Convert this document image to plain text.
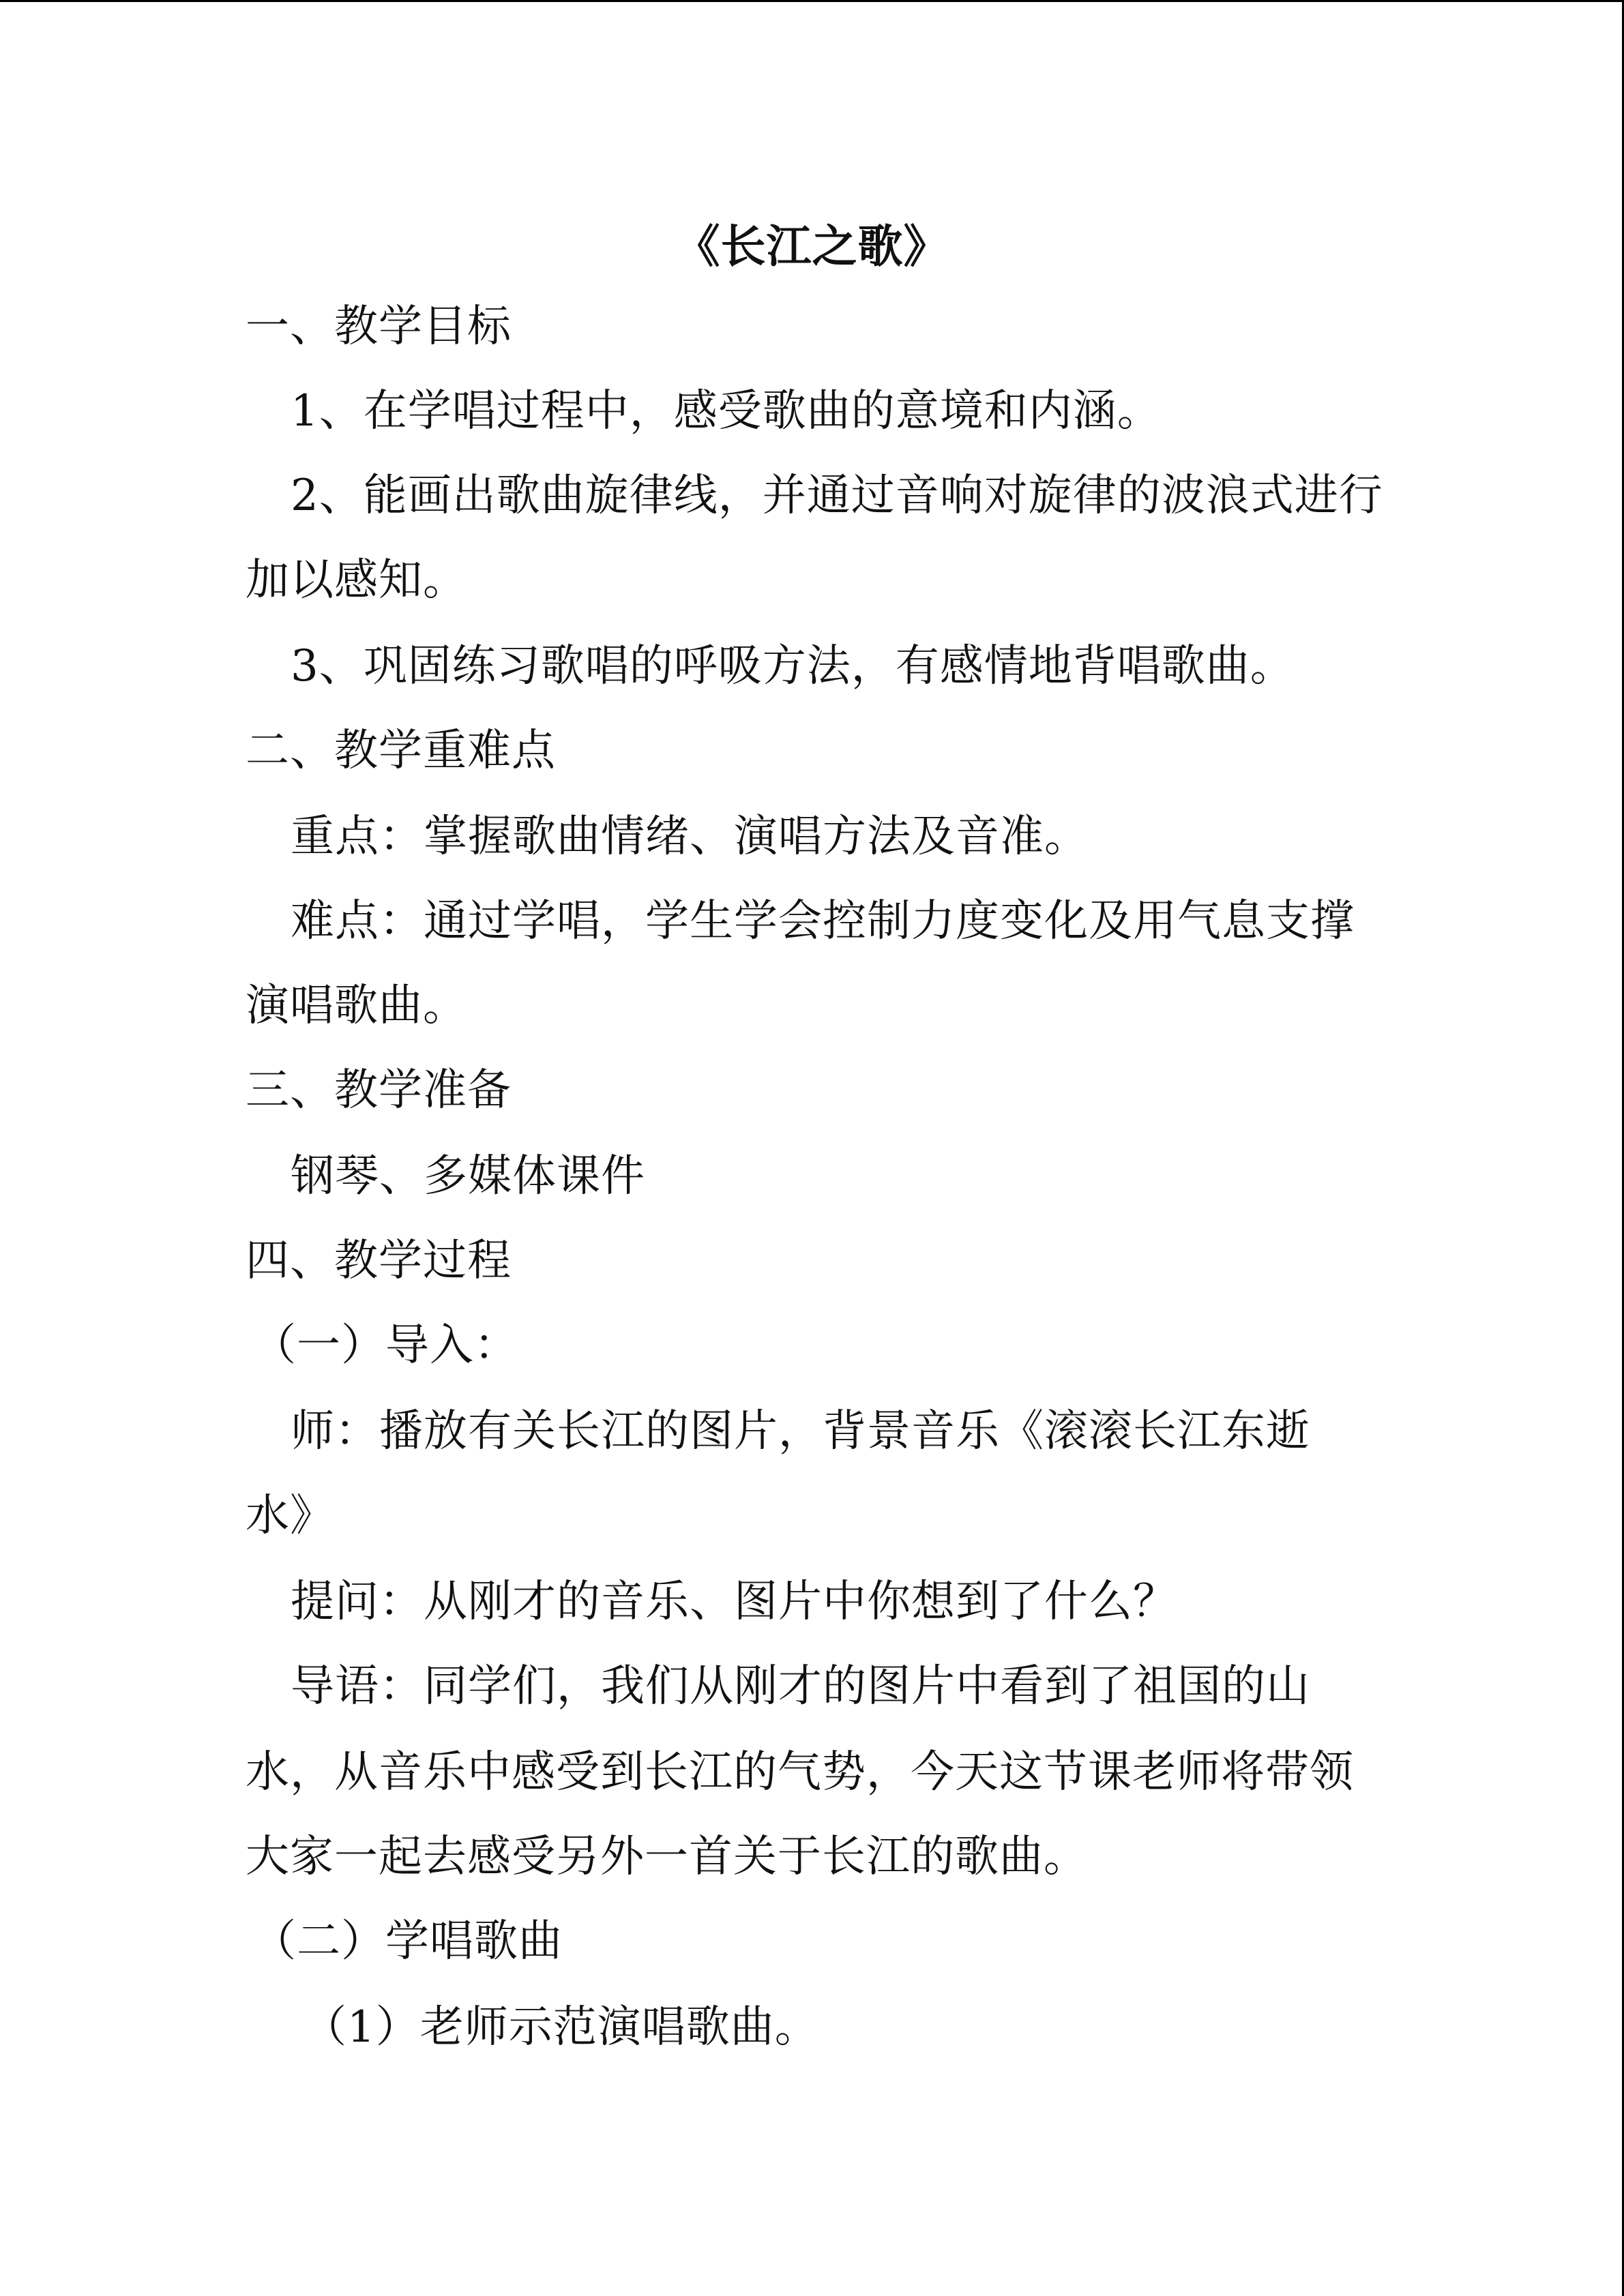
《长江之歌》
一、教学目标
1、在学唱过程中，感受歌曲的意境和内涵。
2、能画出歌曲旋律线，并通过音响对旋律的波浪式进行
加以感知。
3、巩固练习歌唱的呼吸方法，有感情地背唱歌曲。
二、教学重难点
重点：掌握歌曲情绪、演唱方法及音准。
难点：通过学唱，学生学会控制力度变化及用气息支撑
演唱歌曲。
三、教学准备
钢琴、多媒体课件
四、教学过程
（一）导入：
师：播放有关长江的图片，背景音乐《滚滚长江东逝
水》
提问：从刚才的音乐、图片中你想到了什么？
导语：同学们，我们从刚才的图片中看到了祖国的山
水，从音乐中感受到长江的气势，今天这节课老师将带领
大家一起去感受另外一首关于长江的歌曲。
（二）学唱歌曲
（1）老师示范演唱歌曲。
